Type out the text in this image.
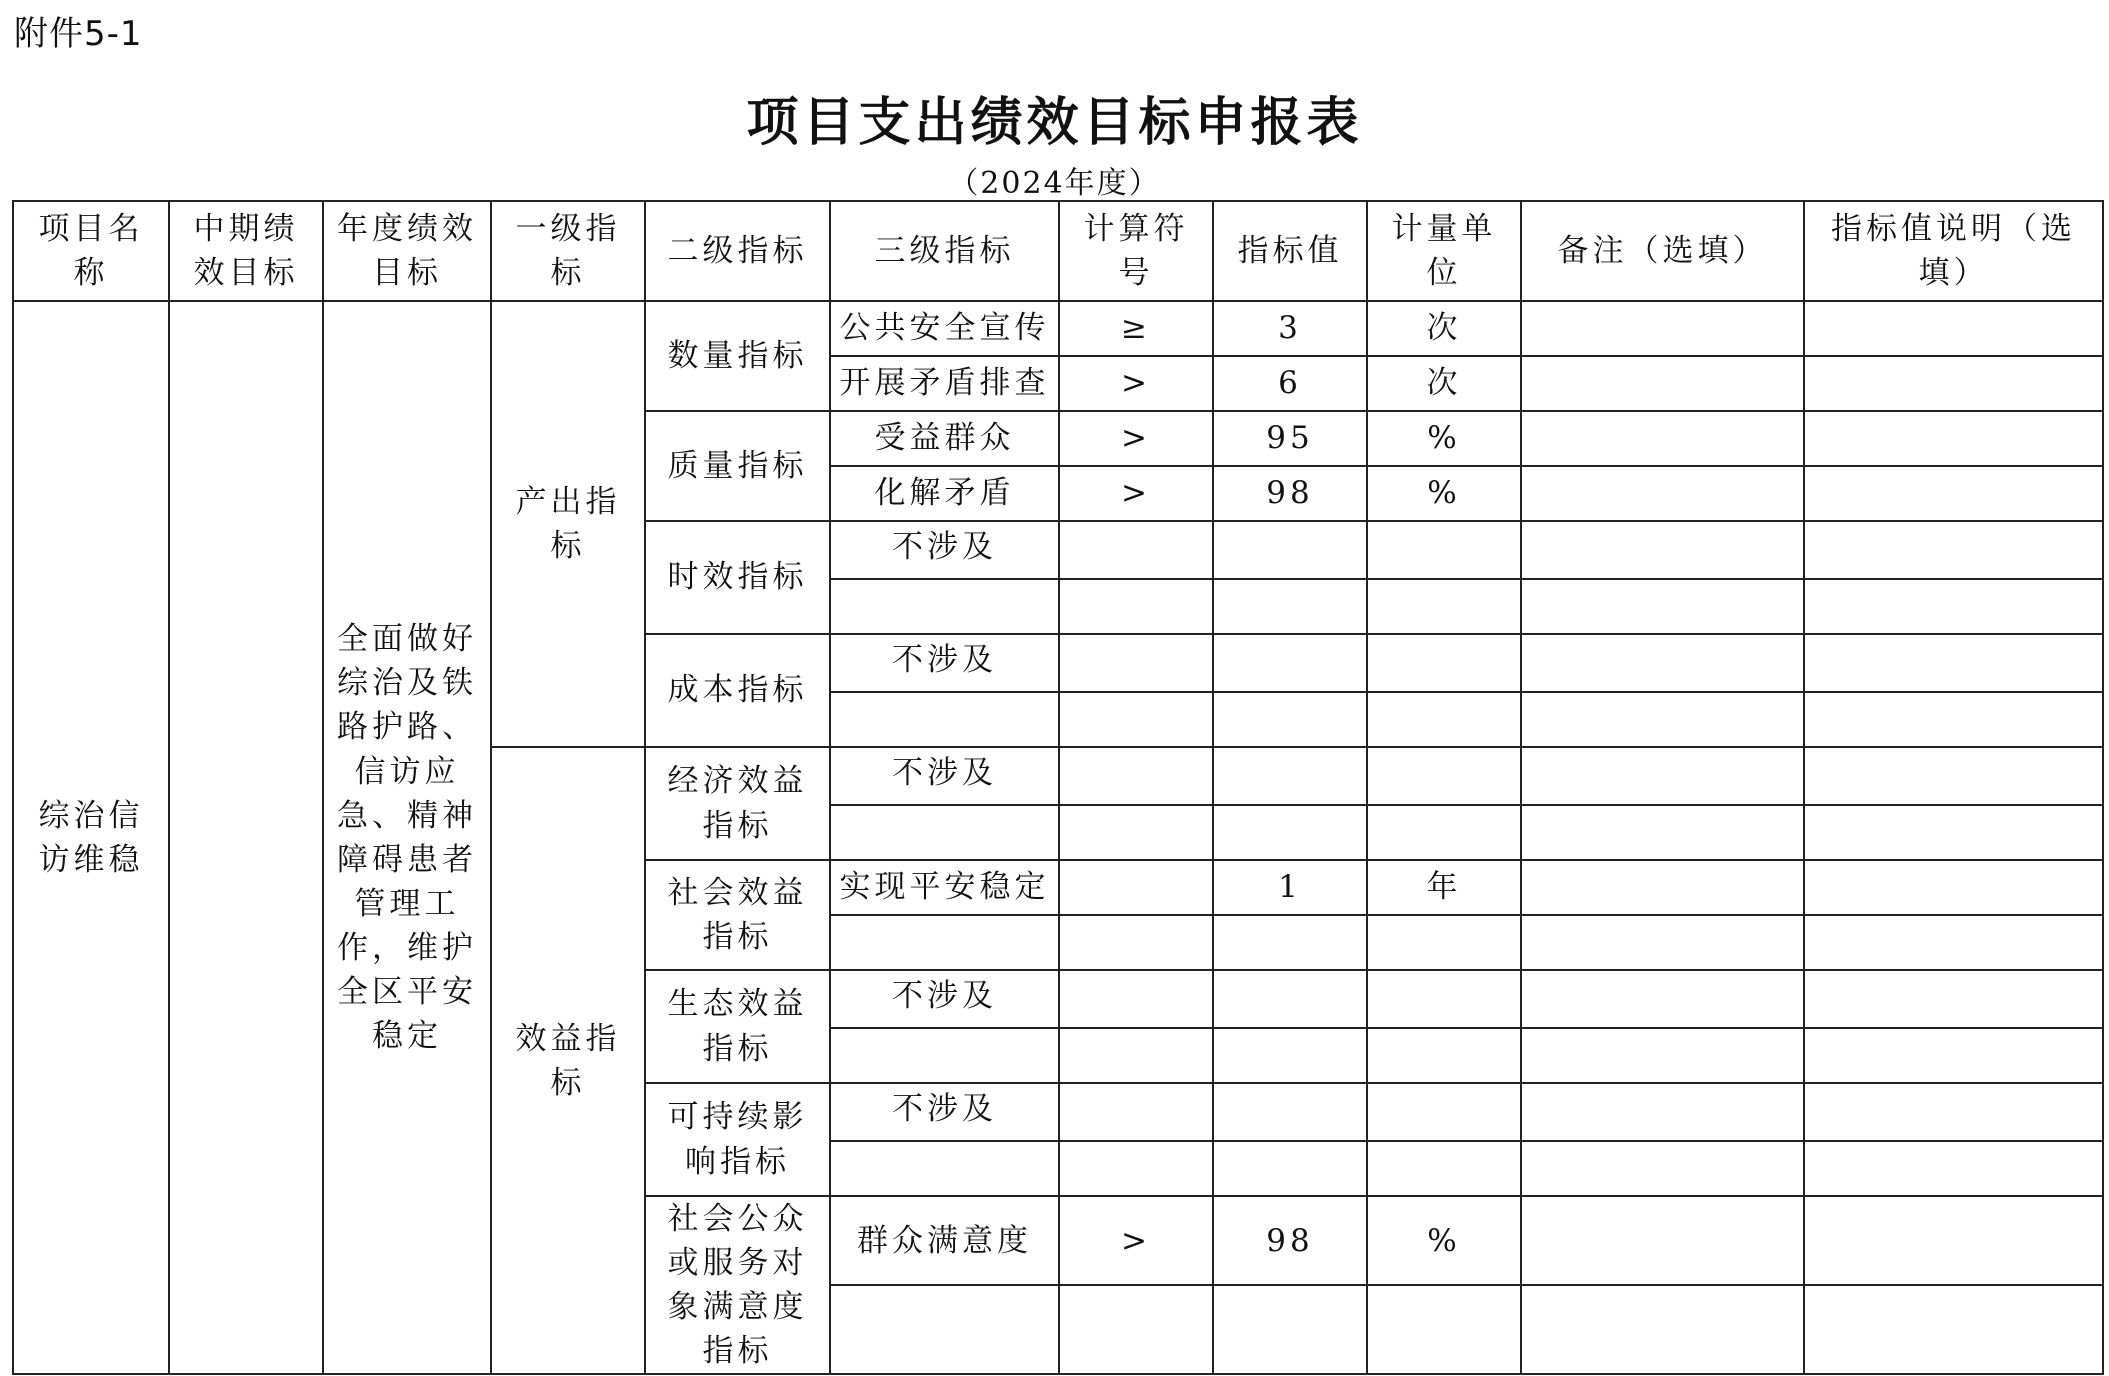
附件5-1
项目支出绩效目标申报表
（2024年度）
项目名称	中期绩效目标	年度绩效目标	一级指标	二级指标	三级指标	计算符号	指标值	计量单位	备注（选填）	指标值说明（选填）
综治信访维稳		全面做好综治及铁路护路、信访应急、精神障碍患者管理工作，维护全区平安稳定	产出指标	数量指标	公共安全宣传	≥	3	次		
					开展矛盾排查	>	6	次		
				质量指标	受益群众	>	95	%		
					化解矛盾	>	98	%		
				时效指标	不涉及					

				成本指标	不涉及					

			效益指标	经济效益指标	不涉及					

				社会效益指标	实现平安稳定		1	年		

				生态效益指标	不涉及					

				可持续影响指标	不涉及					

				社会公众或服务对象满意度指标	群众满意度	>	98	%		
